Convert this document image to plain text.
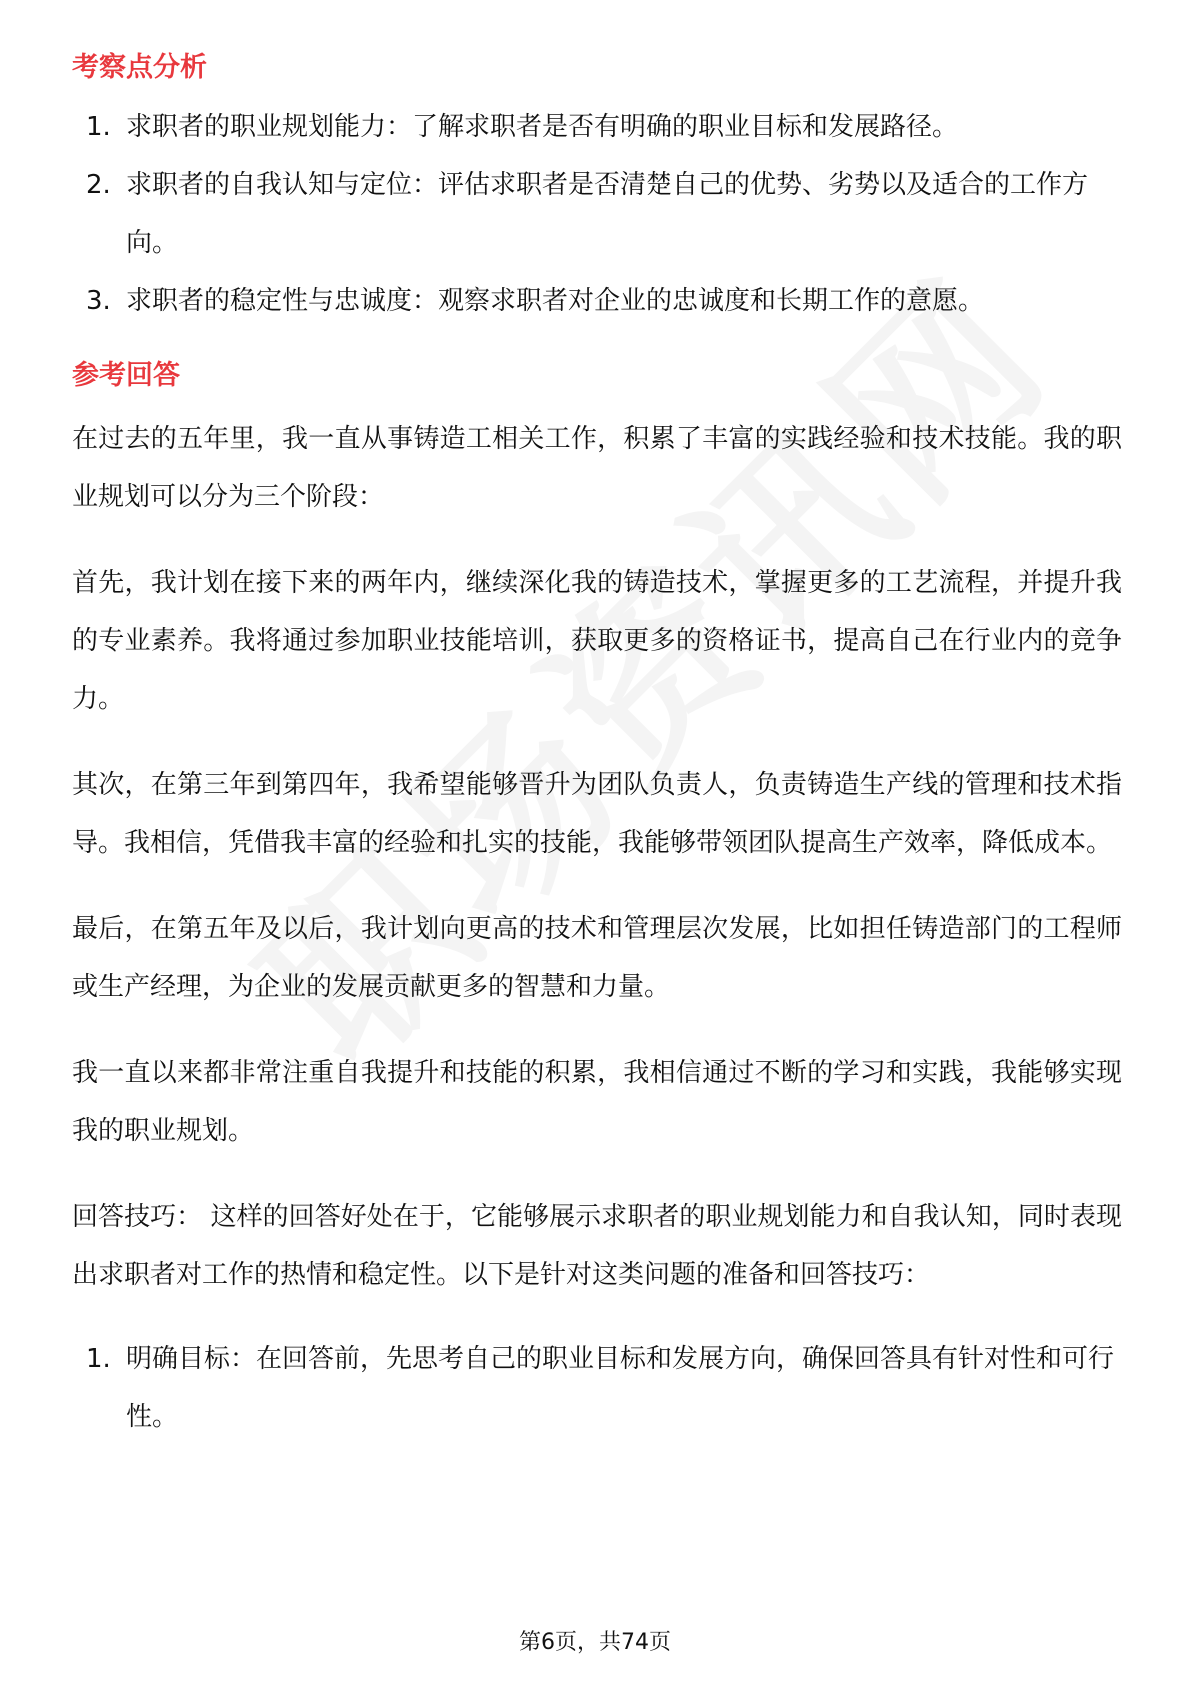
考察点分析
1. 求职者的职业规划能力：了解求职者是否有明确的职业目标和发展路径。
2. 求职者的自我认知与定位：评估求职者是否清楚自己的优势、劣势以及适合的工作方向。
3. 求职者的稳定性与忠诚度：观察求职者对企业的忠诚度和长期工作的意愿。
参考回答

在过去的五年里，我一直从事铸造工相关工作，积累了丰富的实践经验和技术技能。我的职业规划可以分为三个阶段：

首先，我计划在接下来的两年内，继续深化我的铸造技术，掌握更多的工艺流程，并提升我的专业素养。我将通过参加职业技能培训，获取更多的资格证书，提高自己在行业内的竞争力。

其次，在第三年到第四年，我希望能够晋升为团队负责人，负责铸造生产线的管理和技术指导。我相信，凭借我丰富的经验和扎实的技能，我能够带领团队提高生产效率，降低成本。

最后，在第五年及以后，我计划向更高的技术和管理层次发展，比如担任铸造部门的工程师或生产经理，为企业的发展贡献更多的智慧和力量。

我一直以来都非常注重自我提升和技能的积累，我相信通过不断的学习和实践，我能够实现我的职业规划。

回答技巧： 这样的回答好处在于，它能够展示求职者的职业规划能力和自我认知，同时表现出求职者对工作的热情和稳定性。以下是针对这类问题的准备和回答技巧：

1. 明确目标：在回答前，先思考自己的职业目标和发展方向，确保回答具有针对性和可行性。
第6页，共74页
